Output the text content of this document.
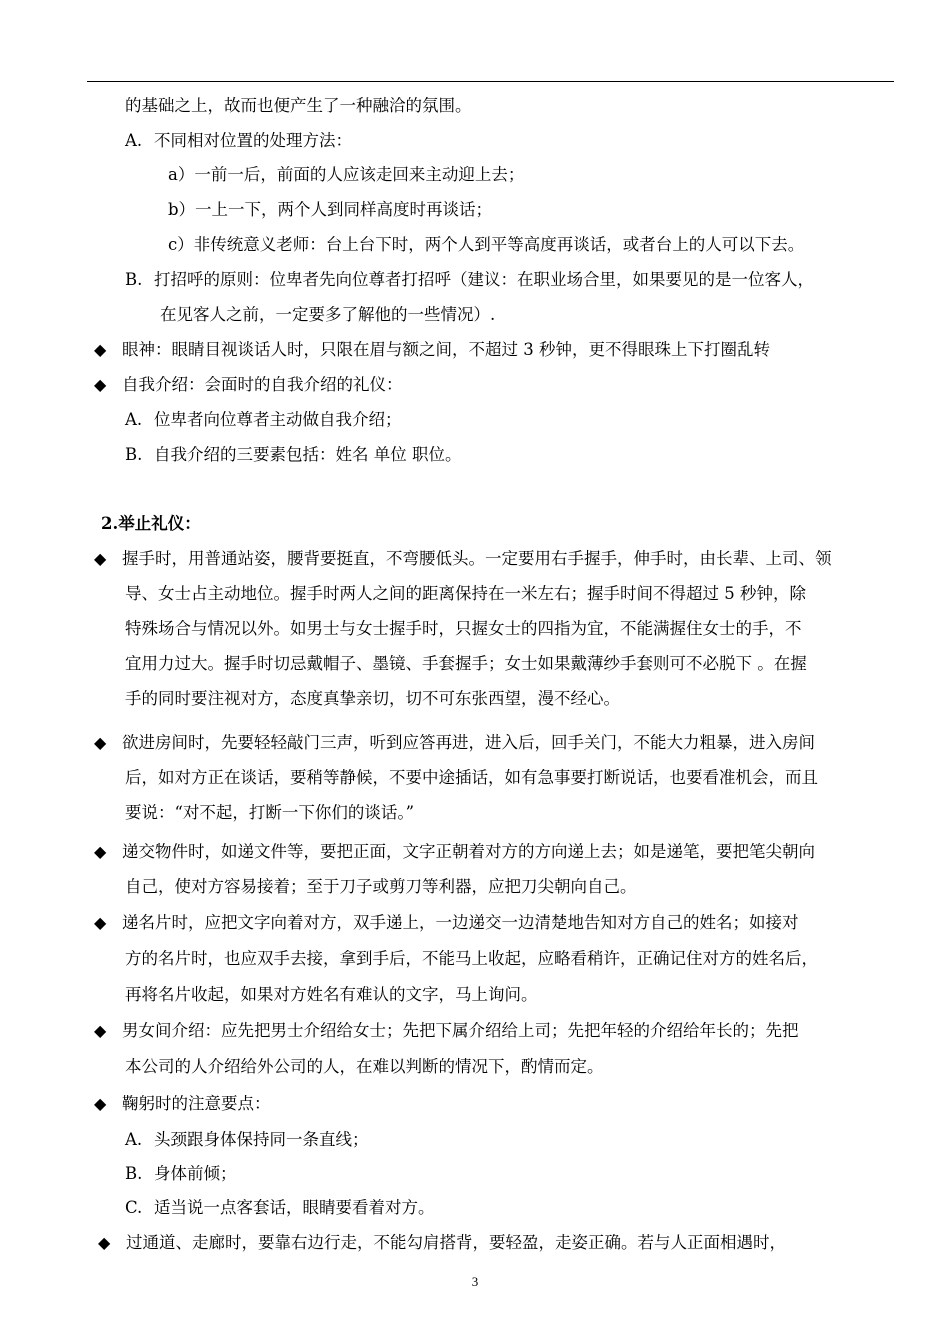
的基础之上，故而也便产生了一种融洽的氛围。
A. 不同相对位置的处理方法：
a）一前一后，前面的人应该走回来主动迎上去；
b）一上一下，两个人到同样高度时再谈话；
c）非传统意义老师：台上台下时，两个人到平等高度再谈话，或者台上的人可以下去。
B. 打招呼的原则：位卑者先向位尊者打招呼（建议：在职业场合里，如果要见的是一位客人，
在见客人之前，一定要多了解他的一些情况）.
◆ 眼神：眼睛目视谈话人时，只限在眉与额之间，不超过 3 秒钟，更不得眼珠上下打圈乱转
◆ 自我介绍：会面时的自我介绍的礼仪：
A. 位卑者向位尊者主动做自我介绍；
B. 自我介绍的三要素包括：姓名 单位 职位。
2.举止礼仪：
◆ 握手时，用普通站姿，腰背要挺直，不弯腰低头。一定要用右手握手，伸手时，由长辈、上司、领
导、女士占主动地位。握手时两人之间的距离保持在一米左右；握手时间不得超过 5 秒钟，除
特殊场合与情况以外。如男士与女士握手时，只握女士的四指为宜，不能满握住女士的手，不
宜用力过大。握手时切忌戴帽子、墨镜、手套握手；女士如果戴薄纱手套则可不必脱下 。在握
手的同时要注视对方，态度真挚亲切，切不可东张西望，漫不经心。
◆ 欲进房间时，先要轻轻敲门三声，听到应答再进，进入后，回手关门，不能大力粗暴，进入房间
后，如对方正在谈话，要稍等静候，不要中途插话，如有急事要打断说话，也要看准机会，而且
要说：“对不起，打断一下你们的谈话。”
◆ 递交物件时，如递文件等，要把正面，文字正朝着对方的方向递上去；如是递笔，要把笔尖朝向
自己，使对方容易接着；至于刀子或剪刀等利器，应把刀尖朝向自己。
◆ 递名片时，应把文字向着对方，双手递上，一边递交一边清楚地告知对方自己的姓名；如接对
方的名片时，也应双手去接，拿到手后，不能马上收起，应略看稍许，正确记住对方的姓名后，
再将名片收起，如果对方姓名有难认的文字，马上询问。
◆ 男女间介绍：应先把男士介绍给女士；先把下属介绍给上司；先把年轻的介绍给年长的；先把
本公司的人介绍给外公司的人，在难以判断的情况下，酌情而定。
◆ 鞠躬时的注意要点：
A. 头颈跟身体保持同一条直线；
B. 身体前倾；
C. 适当说一点客套话，眼睛要看着对方。
◆ 过通道、走廊时，要靠右边行走，不能勾肩搭背，要轻盈，走姿正确。若与人正面相遇时，
3
